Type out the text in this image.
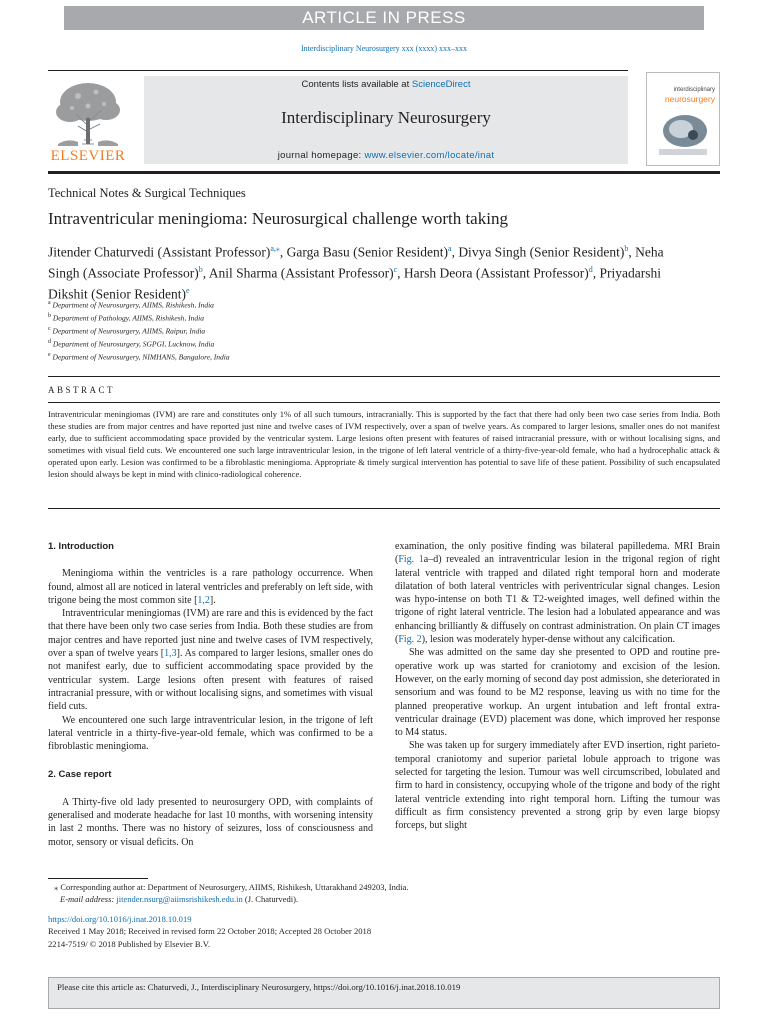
ARTICLE IN PRESS
Interdisciplinary Neurosurgery xxx (xxxx) xxx–xxx
ELSEVIER
Contents lists available at ScienceDirect
Interdisciplinary Neurosurgery
journal homepage: www.elsevier.com/locate/inat
interdisciplinary
neurosurgery
Technical Notes & Surgical Techniques
Intraventricular meningioma: Neurosurgical challenge worth taking
Jitender Chaturvedi (Assistant Professor)$^{a,⁎}$, Garga Basu (Senior Resident)$^a$, Divya Singh (Senior Resident)$^b$, Neha Singh (Associate Professor)$^b$, Anil Sharma (Assistant Professor)$^c$, Harsh Deora (Assistant Professor)$^d$, Priyadarshi Dikshit (Senior Resident)$^e$
$^a$ Department of Neurosurgery, AIIMS, Rishikesh, India
$^b$ Department of Pathology, AIIMS, Rishikesh, India
$^c$ Department of Neurosurgery, AIIMS, Raipur, India
$^d$ Department of Neurosurgery, SGPGI, Lucknow, India
$^e$ Department of Neurosurgery, NIMHANS, Bangalore, India
ABSTRACT
Intraventricular meningiomas (IVM) are rare and constitutes only 1% of all such tumours, intracranially. This is supported by the fact that there had only been two case series from India. Both these studies are from major centres and have reported just nine and twelve cases of IVM respectively, over a span of twelve years. As compared to larger lesions, smaller ones do not manifest early, due to sufficient accommodating space provided by the ventricular system. Large lesions often present with features of raised intracranial pressure, with or without localising signs, and sometimes with visual field cuts. We encountered one such large intraventricular lesion, in the trigone of left lateral ventricle of a thirty-five-year-old female, who had a hydrocephalic attack & operated upon early. Lesion was confirmed to be a fibroblastic meningioma. Appropriate & timely surgical intervention has potential to save life of these patient. Possibility of such encapsulated lesion should always be kept in mind with clinico-radiological coherence.
1. Introduction

Meningioma within the ventricles is a rare pathology occurrence. When found, almost all are noticed in lateral ventricles and preferably on left side, with trigone being the most common site [1,2].

Intraventricular meningiomas (IVM) are rare and this is evidenced by the fact that there have been only two case series from India. Both these studies are from major centres and have reported just nine and twelve cases of IVM respectively, over a span of twelve years [1,3]. As compared to larger lesions, smaller ones do not manifest early, due to sufficient accommodating space provided by the ventricular system. Large lesions often present with features of raised intracranial pressure, with or without localising signs, and sometimes with visual field cuts.

We encountered one such large intraventricular lesion, in the trigone of left lateral ventricle in a thirty-five-year-old female, which was confirmed to be a fibroblastic meningioma.

2. Case report

A Thirty-five old lady presented to neurosurgery OPD, with complaints of generalised and moderate headache for last 10 months, with worsening intensity in last 2 months. There was no history of seizures, loss of consciousness and motor, sensory or visual deficits. On

examination, the only positive finding was bilateral papilledema. MRI Brain (Fig. 1a–d) revealed an intraventricular lesion in the trigonal region of right lateral ventricle with trapped and dilated right temporal horn and moderate dilatation of both lateral ventricles with periventricular signal changes. Lesion was hypo-intense on both T1 & T2-weighted images, well defined within the trigone of right lateral ventricle. The lesion had a lobulated appearance and was enhancing brilliantly & diffusely on contrast administration. On plain CT images (Fig. 2), lesion was moderately hyper-dense without any calcification.

She was admitted on the same day she presented to OPD and routine pre-operative work up was started for craniotomy and excision of the lesion. However, on the early morning of second day post admission, she deteriorated in sensorium and was found to be M2 response, leaving us with no time for the planned preoperative workup. An urgent intubation and left frontal extra-ventricular drainage (EVD) placement was done, which improved her response to M4 status.

She was taken up for surgery immediately after EVD insertion, right parieto-temporal craniotomy and superior parietal lobule approach to trigone was selected for targeting the lesion. Tumour was well circumscribed, lobulated and firm to hard in consistency, occupying whole of the trigone and body of the right lateral ventricle extending into right temporal horn. Lifting the tumour was difficult as firm consistency prevented a strong grip by even large biopsy forceps, but slight

⁎ Corresponding author at: Department of Neurosurgery, AIIMS, Rishikesh, Uttarakhand 249203, India.
E-mail address: jitender.nsurg@aiimsrishikesh.edu.in (J. Chaturvedi).
https://doi.org/10.1016/j.inat.2018.10.019
Received 1 May 2018; Received in revised form 22 October 2018; Accepted 28 October 2018
2214-7519/ © 2018 Published by Elsevier B.V.
Please cite this article as: Chaturvedi, J., Interdisciplinary Neurosurgery, https://doi.org/10.1016/j.inat.2018.10.019
